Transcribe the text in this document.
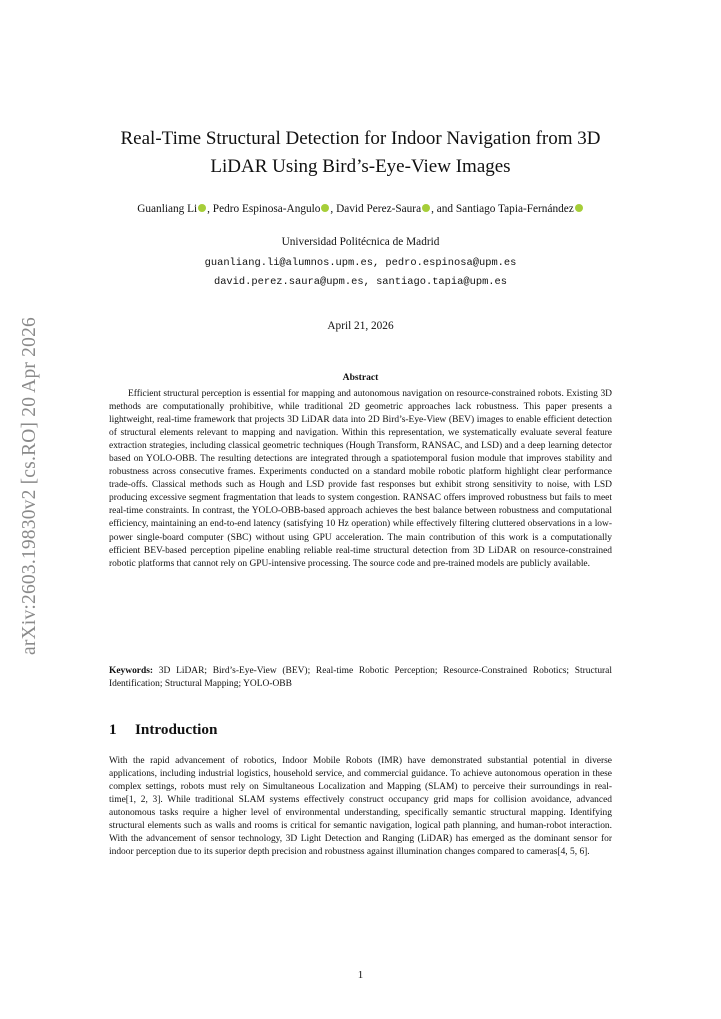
arXiv:2603.19830v2 [cs.RO] 20 Apr 2026
Real-Time Structural Detection for Indoor Navigation from 3D
LiDAR Using Bird’s-Eye-View Images
Guanliang Li , Pedro Espinosa-Angulo , David Perez-Saura , and Santiago Tapia-Fernández
Universidad Politécnica de Madrid
guanliang.li@alumnos.upm.es, pedro.espinosa@upm.es
david.perez.saura@upm.es, santiago.tapia@upm.es
April 21, 2026
Abstract

Efficient structural perception is essential for mapping and autonomous navigation on resource-constrained robots. Existing 3D methods are computationally prohibitive, while traditional 2D geometric approaches lack robustness. This paper presents a lightweight, real-time framework that projects 3D LiDAR data into 2D Bird’s-Eye-View (BEV) images to enable efficient detection of structural elements relevant to mapping and navigation. Within this representation, we systematically evaluate several feature extraction strategies, including classical geometric techniques (Hough Transform, RANSAC, and LSD) and a deep learning detector based on YOLO-OBB. The resulting detections are integrated through a spatiotemporal fusion module that improves stability and robustness across consecutive frames. Experiments conducted on a standard mobile robotic platform highlight clear performance trade-offs. Classical methods such as Hough and LSD provide fast responses but exhibit strong sensitivity to noise, with LSD producing excessive segment fragmentation that leads to system congestion. RANSAC offers improved robustness but fails to meet real-time constraints. In contrast, the YOLO-OBB-based approach achieves the best balance between robustness and computational efficiency, maintaining an end-to-end latency (satisfying 10 Hz operation) while effectively filtering cluttered observations in a low-power single-board computer (SBC) without using GPU acceleration. The main contribution of this work is a computationally efficient BEV-based perception pipeline enabling reliable real-time structural detection from 3D LiDAR on resource-constrained robotic platforms that cannot rely on GPU-intensive processing. The source code and pre-trained models are publicly available.

Keywords: 3D LiDAR; Bird’s-Eye-View (BEV); Real-time Robotic Perception; Resource-Constrained Robotics; Structural Identification; Structural Mapping; YOLO-OBB

1 Introduction

With the rapid advancement of robotics, Indoor Mobile Robots (IMR) have demonstrated substantial potential in diverse applications, including industrial logistics, household service, and commercial guidance. To achieve autonomous operation in these complex settings, robots must rely on Simultaneous Localization and Mapping (SLAM) to perceive their surroundings in real-time[1, 2, 3]. While traditional SLAM systems effectively construct occupancy grid maps for collision avoidance, advanced autonomous tasks require a higher level of environmental understanding, specifically semantic structural mapping. Identifying structural elements such as walls and rooms is critical for semantic navigation, logical path planning, and human-robot interaction. With the advancement of sensor technology, 3D Light Detection and Ranging (LiDAR) has emerged as the dominant sensor for indoor perception due to its superior depth precision and robustness against illumination changes compared to cameras[4, 5, 6].

1
